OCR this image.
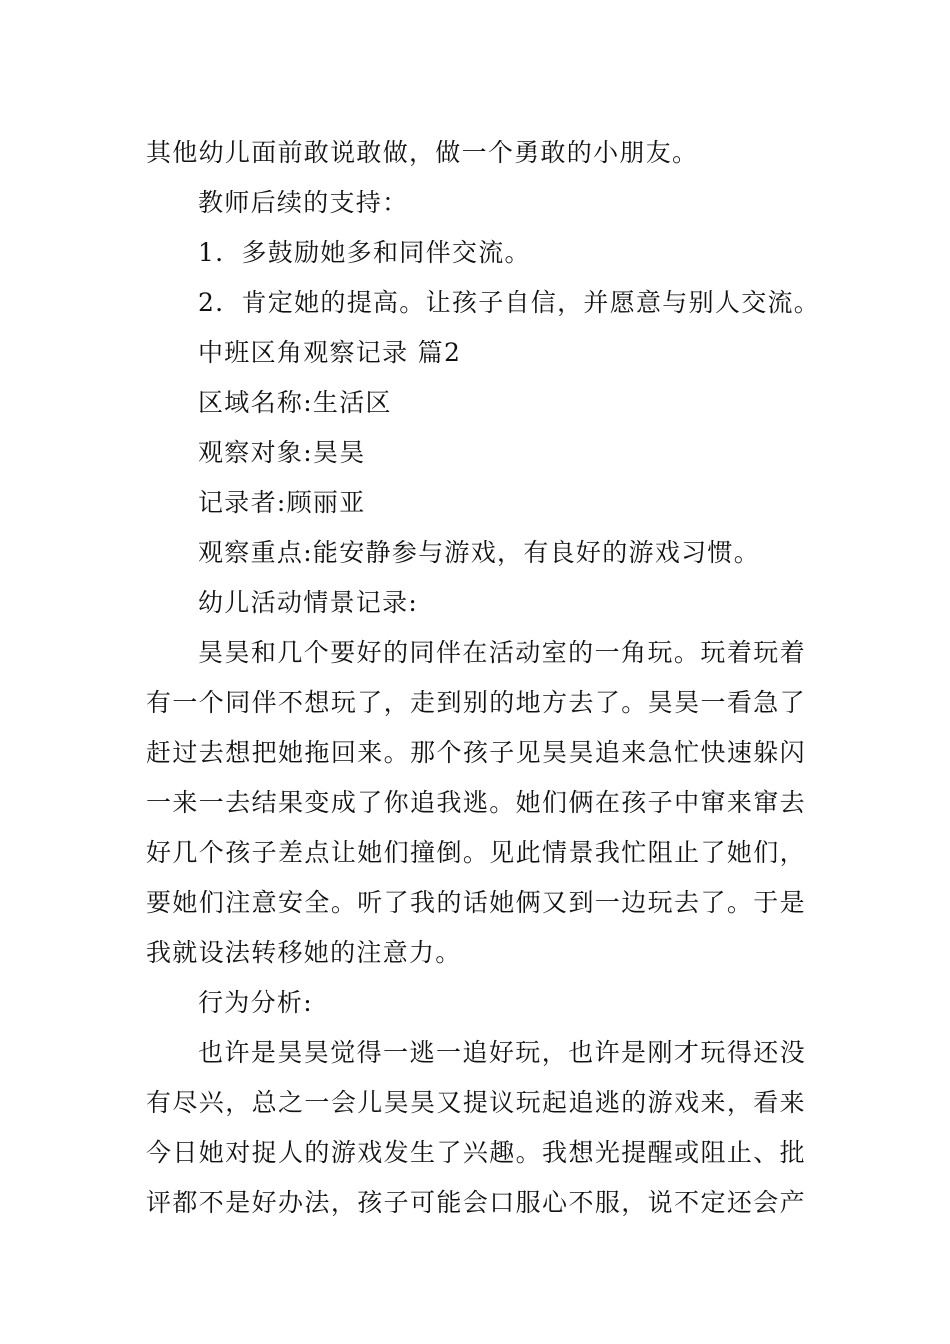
其他幼儿面前敢说敢做，做一个勇敢的小朋友。
教师后续的支持：
1．多鼓励她多和同伴交流。
2．肯定她的提高。让孩子自信，并愿意与别人交流。
中班区角观察记录 篇2
区域名称:生活区
观察对象:昊昊
记录者:顾丽亚
观察重点:能安静参与游戏，有良好的游戏习惯。
幼儿活动情景记录:
昊昊和几个要好的同伴在活动室的一角玩。玩着玩着
有一个同伴不想玩了，走到别的地方去了。昊昊一看急了
赶过去想把她拖回来。那个孩子见昊昊追来急忙快速躲闪
一来一去结果变成了你追我逃。她们俩在孩子中窜来窜去
好几个孩子差点让她们撞倒。见此情景我忙阻止了她们，
要她们注意安全。听了我的话她俩又到一边玩去了。于是
我就设法转移她的注意力。
行为分析:
也许是昊昊觉得一逃一追好玩，也许是刚才玩得还没
有尽兴，总之一会儿昊昊又提议玩起追逃的游戏来，看来
今日她对捉人的游戏发生了兴趣。我想光提醒或阻止、批
评都不是好办法，孩子可能会口服心不服，说不定还会产
